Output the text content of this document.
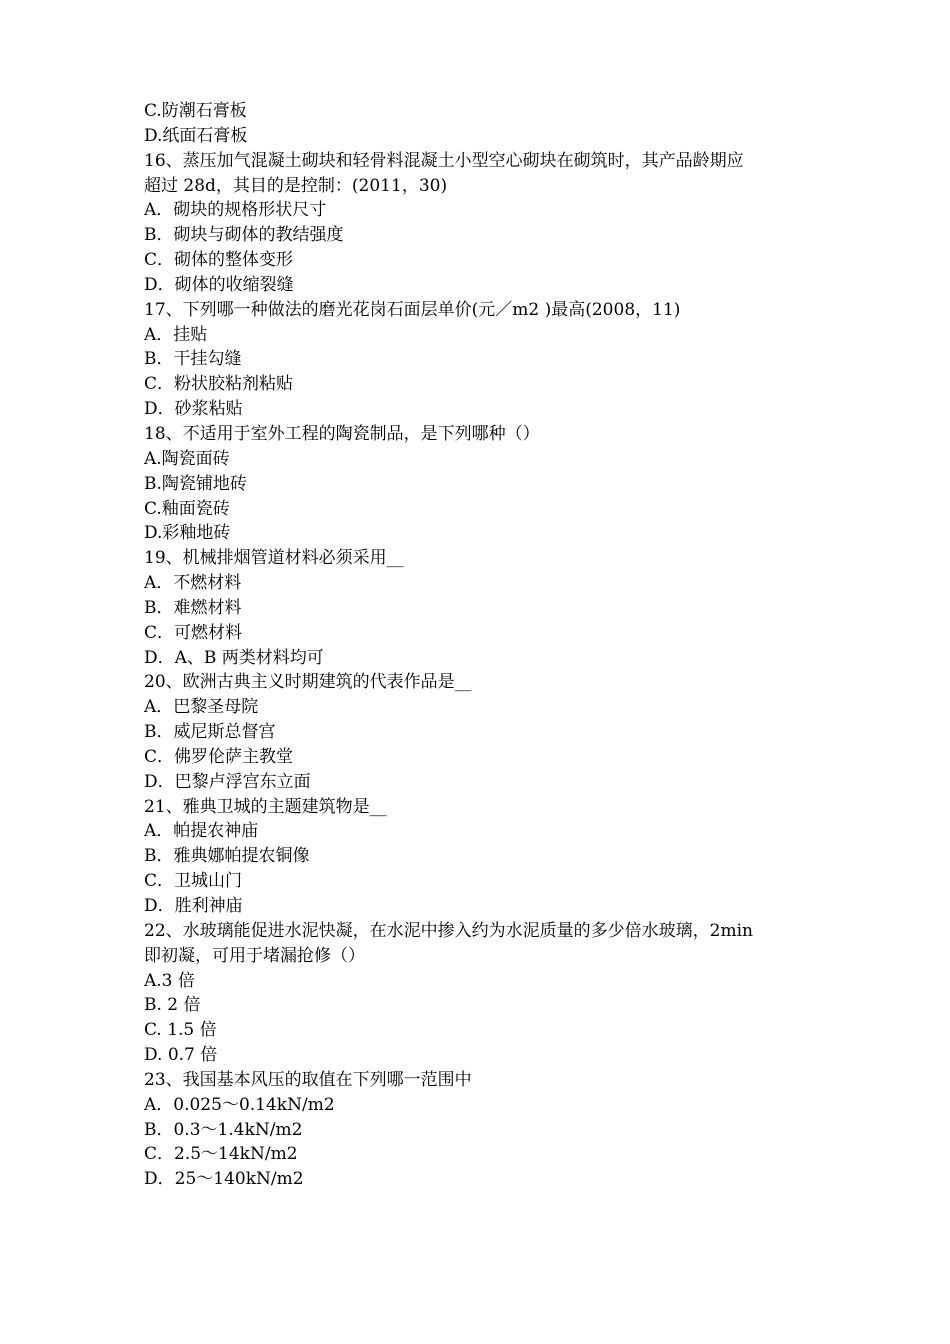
C.防潮石膏板
D.纸面石膏板
16、蒸压加气混凝土砌块和轻骨料混凝土小型空心砌块在砌筑时，其产品龄期应
超过 28d，其目的是控制：(2011，30)
A．砌块的规格形状尺寸
B．砌块与砌体的教结强度
C．砌体的整体变形
D．砌体的收缩裂缝
17、下列哪一种做法的磨光花岗石面层单价(元／m2 )最高(2008，11)
A．挂贴
B．干挂勾缝
C．粉状胶粘剂粘贴
D．砂浆粘贴
18、不适用于室外工程的陶瓷制品，是下列哪种（）
A.陶瓷面砖
B.陶瓷铺地砖
C.釉面瓷砖
D.彩釉地砖
19、机械排烟管道材料必须采用__
A．不燃材料
B．难燃材料
C．可燃材料
D．A、B 两类材料均可
20、欧洲古典主义时期建筑的代表作品是__
A．巴黎圣母院
B．威尼斯总督宫
C．佛罗伦萨主教堂
D．巴黎卢浮宫东立面
21、雅典卫城的主题建筑物是__
A．帕提农神庙
B．雅典娜帕提农铜像
C．卫城山门
D．胜利神庙
22、水玻璃能促进水泥快凝，在水泥中掺入约为水泥质量的多少倍水玻璃，2min
即初凝，可用于堵漏抢修（）
A.3 倍
B. 2 倍
C. 1.5 倍
D. 0.7 倍
23、我国基本风压的取值在下列哪一范围中
A．0.025～0.14kN/m2
B．0.3～1.4kN/m2
C．2.5～14kN/m2
D．25～140kN/m2
